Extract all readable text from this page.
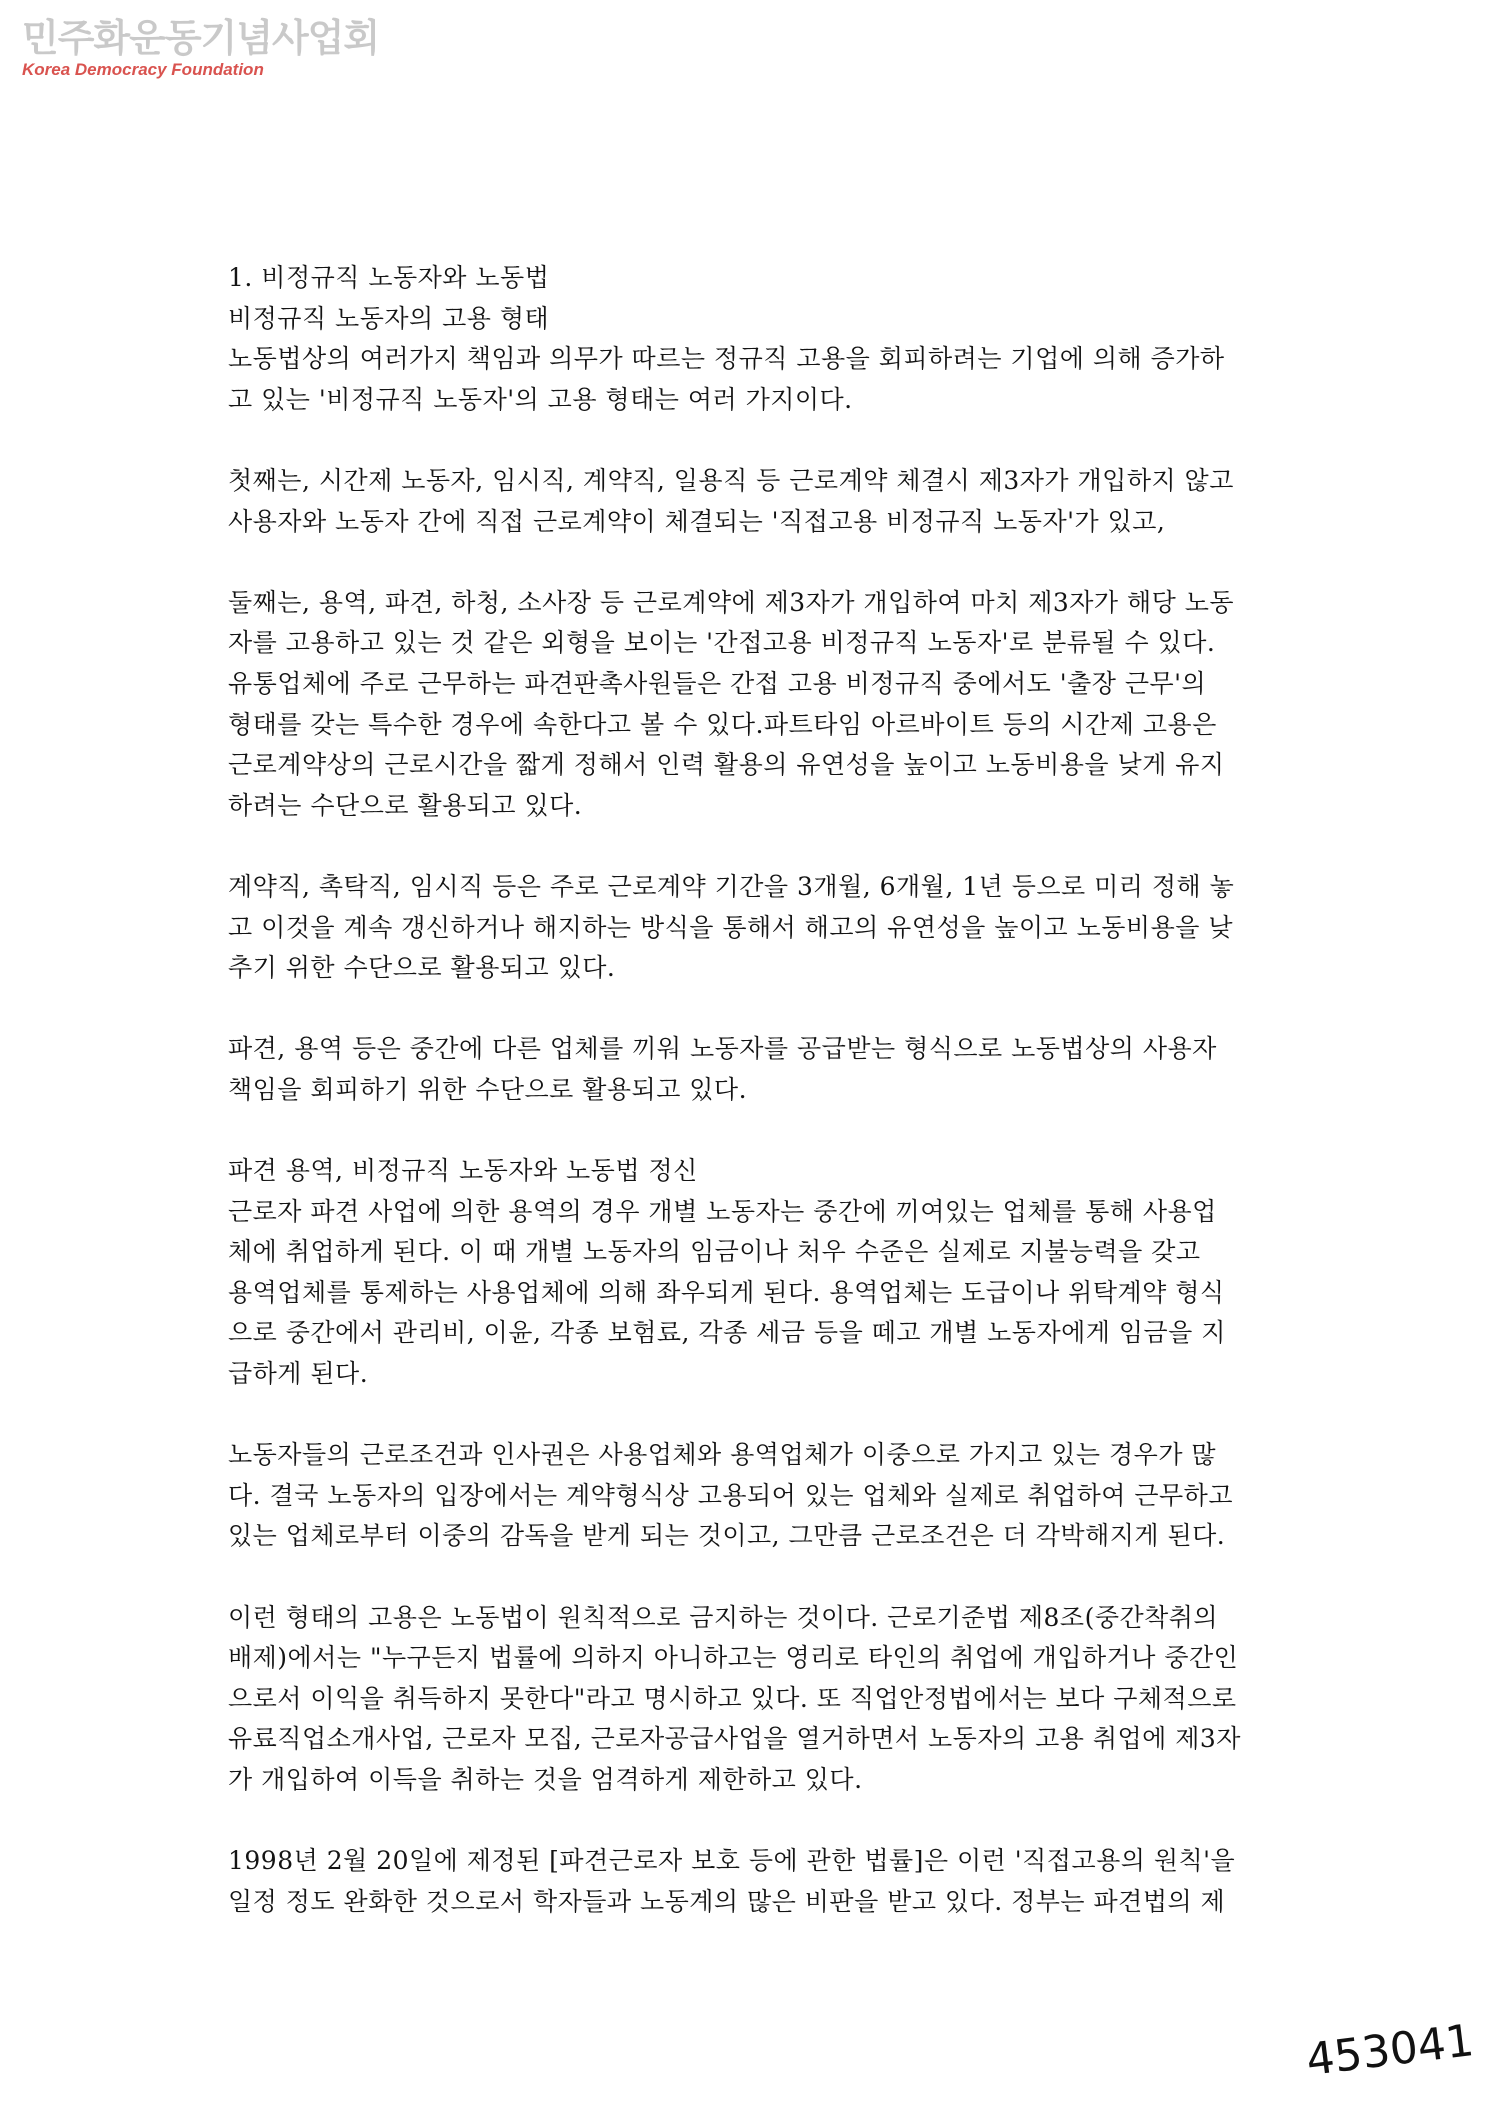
민주화운동기념사업회
Korea Democracy Foundation
1. 비정규직 노동자와 노동법
비정규직 노동자의 고용 형태
노동법상의 여러가지 책임과 의무가 따르는 정규직 고용을 회피하려는 기업에 의해 증가하
고 있는 '비정규직 노동자'의 고용 형태는 여러 가지이다.
첫째는, 시간제 노동자, 임시직, 계약직, 일용직 등 근로계약 체결시 제3자가 개입하지 않고
사용자와 노동자 간에 직접 근로계약이 체결되는 '직접고용 비정규직 노동자'가 있고,
둘째는, 용역, 파견, 하청, 소사장 등 근로계약에 제3자가 개입하여 마치 제3자가 해당 노동
자를 고용하고 있는 것 같은 외형을 보이는 '간접고용 비정규직 노동자'로 분류될 수 있다.
유통업체에 주로 근무하는 파견판촉사원들은 간접 고용 비정규직 중에서도 '출장 근무'의
형태를 갖는 특수한 경우에 속한다고 볼 수 있다.파트타임 아르바이트 등의 시간제 고용은
근로계약상의 근로시간을 짧게 정해서 인력 활용의 유연성을 높이고 노동비용을 낮게 유지
하려는 수단으로 활용되고 있다.
계약직, 촉탁직, 임시직 등은 주로 근로계약 기간을 3개월, 6개월, 1년 등으로 미리 정해 놓
고 이것을 계속 갱신하거나 해지하는 방식을 통해서 해고의 유연성을 높이고 노동비용을 낮
추기 위한 수단으로 활용되고 있다.
파견, 용역 등은 중간에 다른 업체를 끼워 노동자를 공급받는 형식으로 노동법상의 사용자
책임을 회피하기 위한 수단으로 활용되고 있다.
파견 용역, 비정규직 노동자와 노동법 정신
근로자 파견 사업에 의한 용역의 경우 개별 노동자는 중간에 끼여있는 업체를 통해 사용업
체에 취업하게 된다. 이 때 개별 노동자의 임금이나 처우 수준은 실제로 지불능력을 갖고
용역업체를 통제하는 사용업체에 의해 좌우되게 된다. 용역업체는 도급이나 위탁계약 형식
으로 중간에서 관리비, 이윤, 각종 보험료, 각종 세금 등을 떼고 개별 노동자에게 임금을 지
급하게 된다.
노동자들의 근로조건과 인사권은 사용업체와 용역업체가 이중으로 가지고 있는 경우가 많
다. 결국 노동자의 입장에서는 계약형식상 고용되어 있는 업체와 실제로 취업하여 근무하고
있는 업체로부터 이중의 감독을 받게 되는 것이고, 그만큼 근로조건은 더 각박해지게 된다.
이런 형태의 고용은 노동법이 원칙적으로 금지하는 것이다. 근로기준법 제8조(중간착취의
배제)에서는 "누구든지 법률에 의하지 아니하고는 영리로 타인의 취업에 개입하거나 중간인
으로서 이익을 취득하지 못한다"라고 명시하고 있다. 또 직업안정법에서는 보다 구체적으로
유료직업소개사업, 근로자 모집, 근로자공급사업을 열거하면서 노동자의 고용 취업에 제3자
가 개입하여 이득을 취하는 것을 엄격하게 제한하고 있다.
1998년 2월 20일에 제정된 [파견근로자 보호 등에 관한 법률]은 이런 '직접고용의 원칙'을
일정 정도 완화한 것으로서 학자들과 노동계의 많은 비판을 받고 있다. 정부는 파견법의 제
453041
